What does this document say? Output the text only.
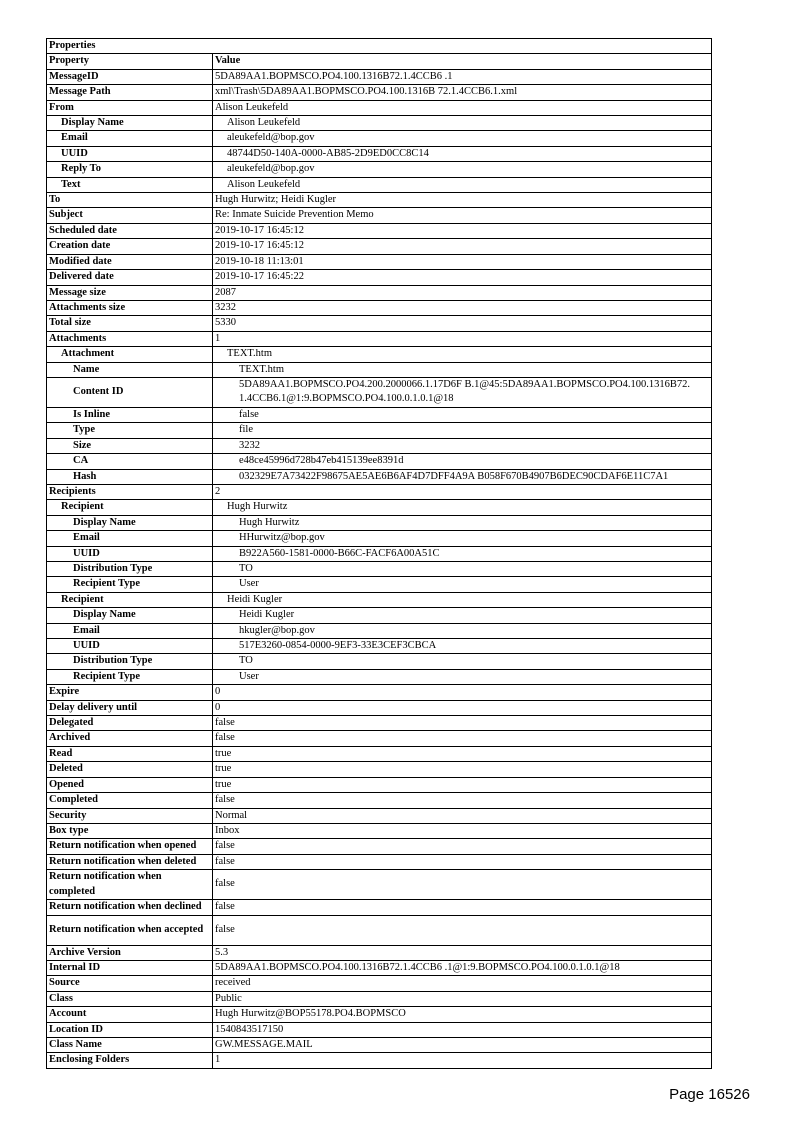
Properties	
Property	Value
MessageID	5DA89AA1.BOPMSCO.PO4.100.1316B72.1.4CCB6 .1
Message Path	xml\Trash\5DA89AA1.BOPMSCO.PO4.100.1316B 72.1.4CCB6.1.xml
From	Alison Leukefeld
Display Name	Alison Leukefeld
Email	aleukefeld@bop.gov
UUID	48744D50-140A-0000-AB85-2D9ED0CC8C14
Reply To	aleukefeld@bop.gov
Text	Alison Leukefeld
To	Hugh Hurwitz; Heidi Kugler
Subject	Re: Inmate Suicide Prevention Memo
Scheduled date	2019-10-17 16:45:12
Creation date	2019-10-17 16:45:12
Modified date	2019-10-18 11:13:01
Delivered date	2019-10-17 16:45:22
Message size	2087
Attachments size	3232
Total size	5330
Attachments	1
Attachment	TEXT.htm
Name	TEXT.htm
Content ID	5DA89AA1.BOPMSCO.PO4.200.2000066.1.17D6F B.1@45:5DA89AA1.BOPMSCO.PO4.100.1316B72. 1.4CCB6.1@1:9.BOPMSCO.PO4.100.0.1.0.1@18
Is Inline	false
Type	file
Size	3232
CA	e48ce45996d728b47eb415139ee8391d
Hash	032329E7A73422F98675AE5AE6B6AF4D7DFF4A9A B058F670B4907B6DEC90CDAF6E11C7A1
Recipients	2
Recipient	Hugh Hurwitz
Display Name	Hugh Hurwitz
Email	HHurwitz@bop.gov
UUID	B922A560-1581-0000-B66C-FACF6A00A51C
Distribution Type	TO
Recipient Type	User
Recipient	Heidi Kugler
Display Name	Heidi Kugler
Email	hkugler@bop.gov
UUID	517E3260-0854-0000-9EF3-33E3CEF3CBCA
Distribution Type	TO
Recipient Type	User
Expire	0
Delay delivery until	0
Delegated	false
Archived	false
Read	true
Deleted	true
Opened	true
Completed	false
Security	Normal
Box type	Inbox
Return notification when opened	false
Return notification when deleted	false
Return notification when completed	false
Return notification when declined	false
Return notification when accepted	false
Archive Version	5.3
Internal ID	5DA89AA1.BOPMSCO.PO4.100.1316B72.1.4CCB6 .1@1:9.BOPMSCO.PO4.100.0.1.0.1@18
Source	received
Class	Public
Account	Hugh Hurwitz@BOP55178.PO4.BOPMSCO
Location ID	1540843517150
Class Name	GW.MESSAGE.MAIL
Enclosing Folders	1
Page 16526
